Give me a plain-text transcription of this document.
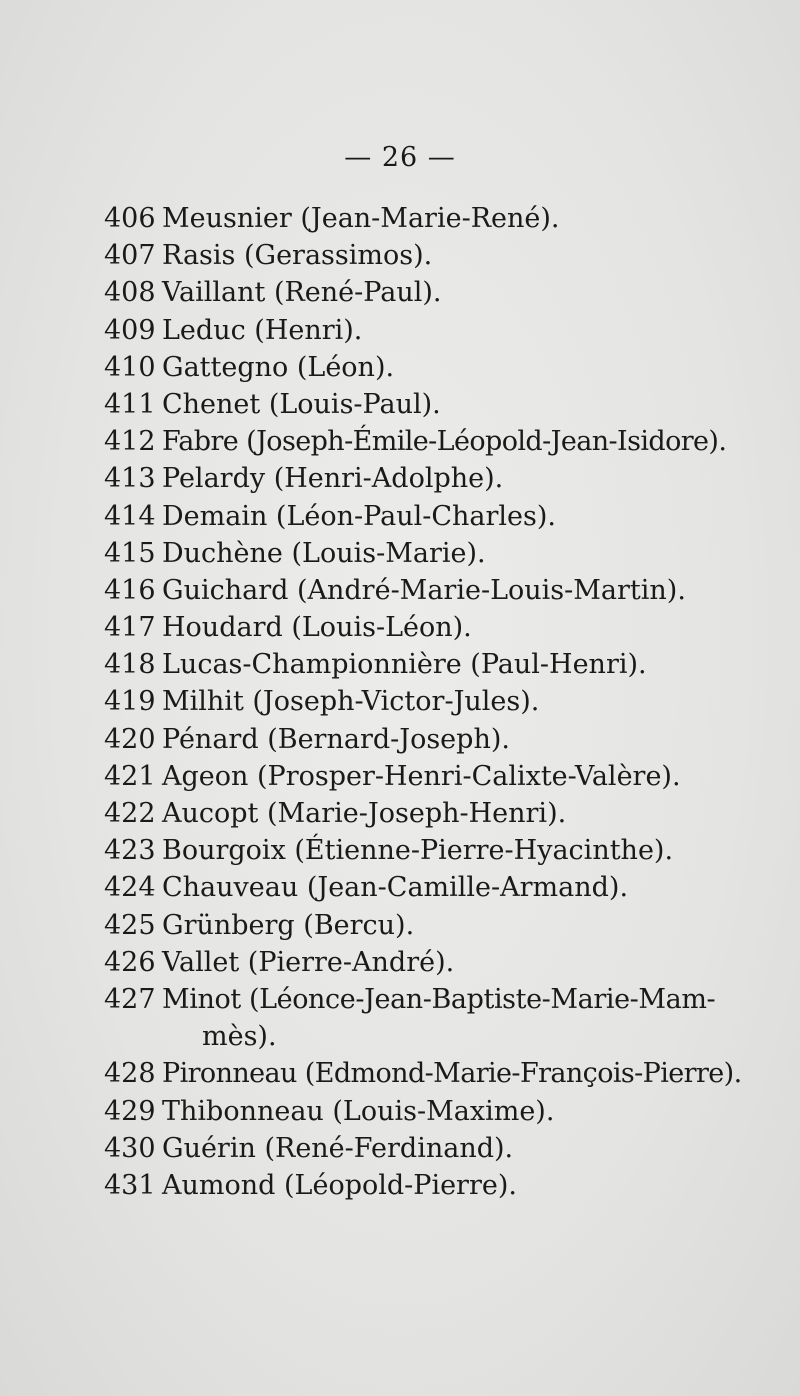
— 26 —
406 Meusnier (Jean-Marie-René).
407 Rasis (Gerassimos).
408 Vaillant (René-Paul).
409 Leduc (Henri).
410 Gattegno (Léon).
411 Chenet (Louis-Paul).
412 Fabre (Joseph-Émile-Léopold-Jean-Isidore).
413 Pelardy (Henri-Adolphe).
414 Demain (Léon-Paul-Charles).
415 Duchène (Louis-Marie).
416 Guichard (André-Marie-Louis-Martin).
417 Houdard (Louis-Léon).
418 Lucas-Championnière (Paul-Henri).
419 Milhit (Joseph-Victor-Jules).
420 Pénard (Bernard-Joseph).
421 Ageon (Prosper-Henri-Calixte-Valère).
422 Aucopt (Marie-Joseph-Henri).
423 Bourgoix (Étienne-Pierre-Hyacinthe).
424 Chauveau (Jean-Camille-Armand).
425 Grünberg (Bercu).
426 Vallet (Pierre-André).
427 Minot (Léonce-Jean-Baptiste-Marie-Mam-
mès).
428 Pironneau (Edmond-Marie-François-Pierre).
429 Thibonneau (Louis-Maxime).
430 Guérin (René-Ferdinand).
431 Aumond (Léopold-Pierre).
